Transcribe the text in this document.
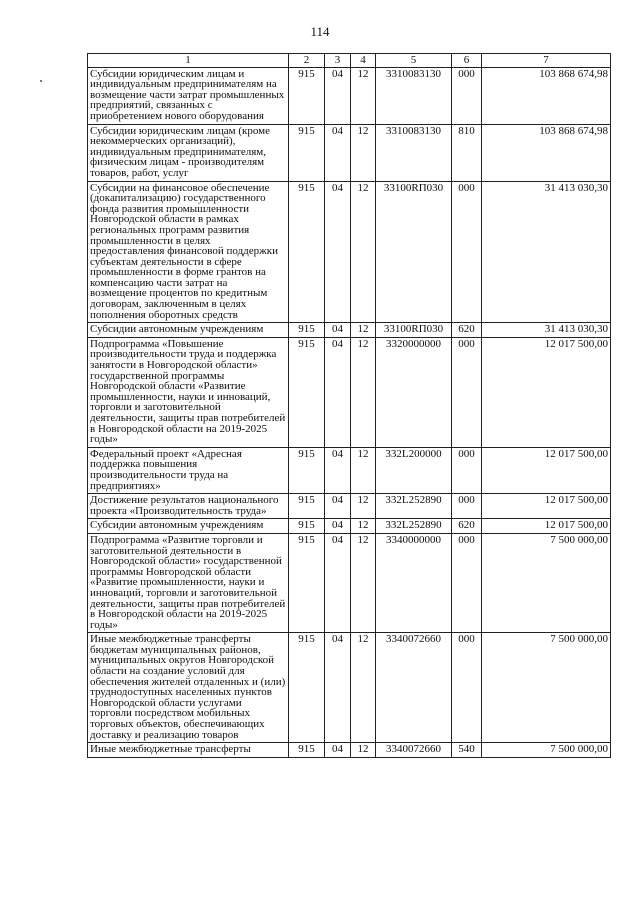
114
1	2	3	4	5	6	7
Субсидии юридическим лицам и индивидуальным предпринимателям на возмещение части затрат промышленных предприятий, связанных с приобретением нового оборудования	915	04	12	3310083130	000	103 868 674,98
Субсидии юридическим лицам (кроме некоммерческих организаций), индивидуальным предпринимателям, физическим лицам - производителям товаров, работ, услуг	915	04	12	3310083130	810	103 868 674,98
Субсидии на финансовое обеспечение (докапитализацию) государственного фонда развития промышленности Новгородской области в рамках региональных программ развития промышленности в целях предоставления финансовой поддержки субъектам деятельности в сфере промышленности в форме грантов на компенсацию части затрат на возмещение процентов по кредитным договорам, заключенным в целях пополнения оборотных средств	915	04	12	33100RП030	000	31 413 030,30
Субсидии автономным учреждениям	915	04	12	33100RП030	620	31 413 030,30
Подпрограмма «Повышение производительности труда и поддержка занятости в Новгородской области» государственной программы Новгородской области «Развитие промышленности, науки и инноваций, торговли и заготовительной деятельности, защиты прав потребителей в Новгородской области на 2019-2025 годы»	915	04	12	3320000000	000	12 017 500,00
Федеральный проект «Адресная поддержка повышения производительности труда на предприятиях»	915	04	12	332L200000	000	12 017 500,00
Достижение результатов национального проекта «Производительность труда»	915	04	12	332L252890	000	12 017 500,00
Субсидии автономным учреждениям	915	04	12	332L252890	620	12 017 500,00
Подпрограмма «Развитие торговли и заготовительной деятельности в Новгородской области» государственной программы Новгородской области «Развитие промышленности, науки и инноваций, торговли и заготовительной деятельности, защиты прав потребителей в Новгородской области на 2019-2025 годы»	915	04	12	3340000000	000	7 500 000,00
Иные межбюджетные трансферты бюджетам муниципальных районов, муниципальных округов Новгородской области на создание условий для обеспечения жителей отдаленных и (или) труднодоступных населенных пунктов Новгородской области услугами торговли посредством мобильных торговых объектов, обеспечивающих доставку и реализацию товаров	915	04	12	3340072660	000	7 500 000,00
Иные межбюджетные трансферты	915	04	12	3340072660	540	7 500 000,00
